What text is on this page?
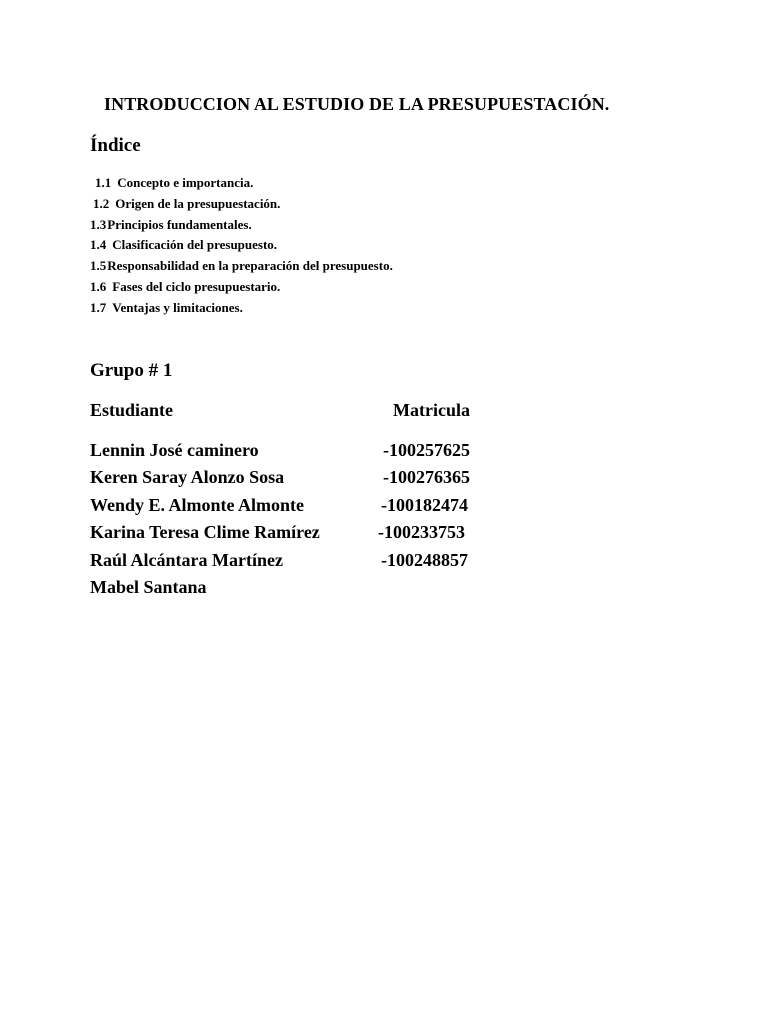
INTRODUCCION AL ESTUDIO DE LA PRESUPUESTACIÓN.
Índice
1.1 Concepto e importancia.
1.2 Origen de la presupuestación.
1.3Principios fundamentales.
1.4 Clasificación del presupuesto.
1.5Responsabilidad en la preparación del presupuesto.
1.6 Fases del ciclo presupuestario.
1.7 Ventajas y limitaciones.
Grupo # 1
Estudiante	Matricula
Lennin José caminero	-100257625
Keren Saray Alonzo Sosa	-100276365
Wendy E. Almonte Almonte	-100182474
Karina Teresa Clime Ramírez	-100233753
Raúl Alcántara Martínez	-100248857
Mabel Santana
